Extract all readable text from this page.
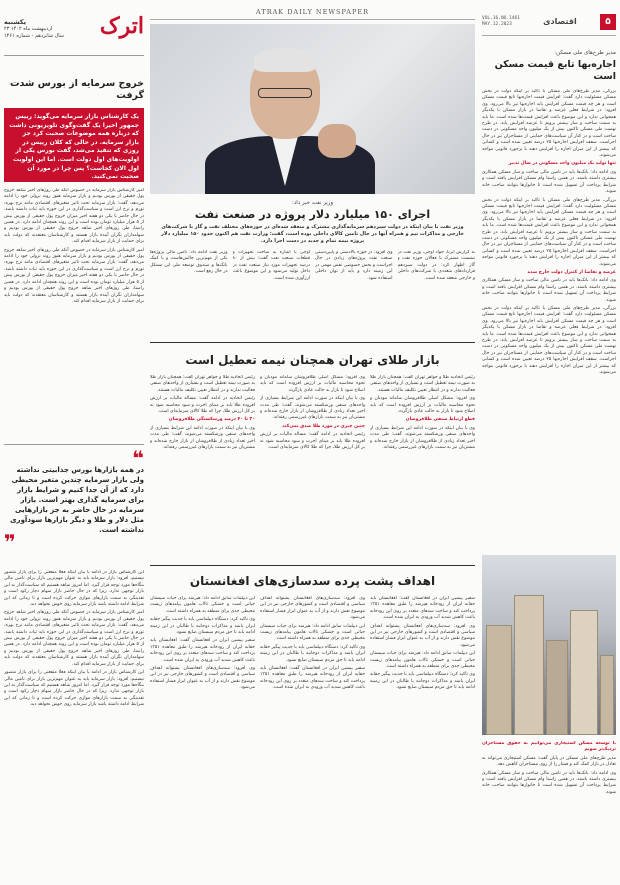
یکشنبه
۲۳ اردیبهشت ماه ۱۴۰۲
سال شانزدهم - شماره ۱۴۶۱ اترک
خروج سرمایه از بورس شدت گرفت
یک کارشناس بازار سرمایه می‌گوید: رییس جمهور اخیرا یک گفت‌وگوی تلویزیونی داشت که درباره همه موضوعات صحبت کرد جز بازار سرمایه. در حالی که کلان رییس در روزی که تنفیذ می‌شد، گفت بورس یکی از اولویت‌های اول دولت است. اما این اولویت اول الان کجاست؟ پس چرا در مورد آن صحبت نمی‌کنید.

امیر کارشناس بازار سرمایه در خصوص آنکه طی روزهای اخیر شاهد خروج پول حقیقی از بورس بودیم و بازار سرمایه هنوز روند نزولی خود را ادامه می‌دهد، گفت: بازار سرمایه تحت تاثیر متغیرهای اقتصادی مانند نرخ بهره، تورم و نرخ ارز است و سیاست‌گذاری در این حوزه باید ثبات داشته باشد. در حال حاضر با یکی دو هفته اخیر میزان خروج پول حقیقی از بورس بیش از ۵ هزار میلیارد تومان بوده است و این روند همچنان ادامه دارد. در همین راستا، طی روزهای اخیر شاهد خروج پول حقیقی از بورس بودیم و سهامداران نگران آینده بازار هستند و کارشناسان معتقدند که دولت باید برای حمایت از بازار سرمایه اقدام کند.

امیر کارشناس بازار سرمایه در خصوص آنکه طی روزهای اخیر شاهد خروج پول حقیقی از بورس بودیم و بازار سرمایه هنوز روند نزولی خود را ادامه می‌دهد، گفت: بازار سرمایه تحت تاثیر متغیرهای اقتصادی مانند نرخ بهره، تورم و نرخ ارز است و سیاست‌گذاری در این حوزه باید ثبات داشته باشد. در حال حاضر با یکی دو هفته اخیر میزان خروج پول حقیقی از بورس بیش از ۵ هزار میلیارد تومان بوده است و این روند همچنان ادامه دارد. در همین راستا، طی روزهای اخیر شاهد خروج پول حقیقی از بورس بودیم و سهامداران نگران آینده بازار هستند و کارشناسان معتقدند که دولت باید برای حمایت از بازار سرمایه اقدام کند.

❝
در همه بازارها بورس جذابیتی نداشته ولی بازار سرمایه چندین متغیر محیطی دارد که از آن جدا کنیم و شرایط بازار برای سرمایه گذاری بهتر است. بازار سرمایه در حال حاضر به جز بازارهایی مثل دلار و طلا و دیگر بازارها سودآوری نداشته است.
❞

این کارشناس بازار در ادامه با بیان اینکه فعلا منفعتی را برای بازار متصور نیستیم، افزود: بازار سرمایه باید به عنوان مهم‌ترین بازار برای تامین مالی بنگاه‌ها مورد توجه قرار گیرد. اما امروز شاهد هستیم که سیاست‌گذار به این بازار توجهی ندارد. زیرا که در حال حاضر بازار سهام دچار رکود است و نقدینگی به سمت بازارهای موازی حرکت کرده است و تا زمانی که این شرایط ادامه داشته باشد بازار سرمایه روی خوش نخواهد دید.

امیر کارشناس بازار سرمایه در خصوص آنکه طی روزهای اخیر شاهد خروج پول حقیقی از بورس بودیم و بازار سرمایه هنوز روند نزولی خود را ادامه می‌دهد، گفت: بازار سرمایه تحت تاثیر متغیرهای اقتصادی مانند نرخ بهره، تورم و نرخ ارز است و سیاست‌گذاری در این حوزه باید ثبات داشته باشد. در حال حاضر با یکی دو هفته اخیر میزان خروج پول حقیقی از بورس بیش از ۵ هزار میلیارد تومان بوده است و این روند همچنان ادامه دارد. در همین راستا، طی روزهای اخیر شاهد خروج پول حقیقی از بورس بودیم و سهامداران نگران آینده بازار هستند و کارشناسان معتقدند که دولت باید برای حمایت از بازار سرمایه اقدام کند.

این کارشناس بازار در ادامه با بیان اینکه فعلا منفعتی را برای بازار متصور نیستیم، افزود: بازار سرمایه باید به عنوان مهم‌ترین بازار برای تامین مالی بنگاه‌ها مورد توجه قرار گیرد. اما امروز شاهد هستیم که سیاست‌گذار به این بازار توجهی ندارد. زیرا که در حال حاضر بازار سهام دچار رکود است و نقدینگی به سمت بازارهای موازی حرکت کرده است و تا زمانی که این شرایط ادامه داشته باشد بازار سرمایه روی خوش نخواهد دید.

ATRAK DAILY NEWSPAPER
وزیر نفت خبر داد:
اجرای ۱۵۰ میلیارد دلار پروژه در صنعت نفت
وزیر نفت با بیان اینکه در دولت سیزدهم سرمایه‌گذاری مشترک و منعقد شده‌ای در حوزه‌های مختلف نفت و گاز با شرکت‌های خارجی و مذاکرات تیم و همراه آنها در حال تامین کالای داخلی بوده است، گفت: وزارت نفت هم اکنون حدود ۱۵۰ میلیارد دلار پروژه نیمه تمام و جدید در دست اجرا دارد.
به گزارش ایرنا، جواد اوجی، وزیر نفت در نشست مشترک با فعالان حوزه نفت و گاز اظهار کرد: در دولت سیزدهم قراردادهای متعددی با شرکت‌های داخلی و خارجی منعقد شده است.
وی افزود: در حوزه بالادستی و پایین‌دستی صنعت نفت پروژه‌های زیادی در حال اجراست و بخش خصوصی نقش مهمی در این زمینه دارد و باید از توان داخلی استفاده شود.
اوجی با اشاره به ساخت تجهیزات و قطعات صنعت نفت گفت: بیش از ۸۰ درصد تجهیزات مورد نیاز صنعت نفت در داخل تولید می‌شود و این موضوع باعث ارزآوری شده است.
وزیر نفت ادامه داد: تامین مالی پروژه‌ها یکی از مهم‌ترین چالش‌هاست و با کمک بانک‌ها و صندوق توسعه ملی این مشکل در حال رفع است.
بازار طلای تهران همچنان نیمه تعطیل است

رئیس اتحادیه طلا و جواهر تهران گفت: همچنان بازار طلا به صورت نیمه تعطیل است و بسیاری از واحدهای صنفی فعالیت ندارند و در انتظار تعیین تکلیف مالیات هستند.

وی افزود: مشکل اصلی طلافروشان سامانه مودیان و نحوه محاسبه مالیات بر ارزش افزوده است که باید اصلاح شود تا بازار به حالت عادی بازگردد.

قطع ارتباط صنفی طلافروشان

وی با بیان اینکه در صورت ادامه این شرایط بسیاری از واحدهای صنفی ورشکسته می‌شوند، گفت: طی مدت اخیر تعداد زیادی از طلافروشان از بازار خارج شده‌اند و مشتریان نیز به سمت بازارهای غیررسمی رفته‌اند.

وی افزود: مشکل اصلی طلافروشان سامانه مودیان و نحوه محاسبه مالیات بر ارزش افزوده است که باید اصلاح شود تا بازار به حالت عادی بازگردد.

وی با بیان اینکه در صورت ادامه این شرایط بسیاری از واحدهای صنفی ورشکسته می‌شوند، گفت: طی مدت اخیر تعداد زیادی از طلافروشان از بازار خارج شده‌اند و مشتریان نیز به سمت بازارهای غیررسمی رفته‌اند.

چنین چیزی در مورد طلا صدق نمی‌کند

رئیس اتحادیه در ادامه گفت: مساله مالیات بر ارزش افزوده طلا باید بر مبنای اجرت و سود محاسبه شود نه بر کل ارزش طلا، چرا که طلا کالای سرمایه‌ای است.

رئیس اتحادیه طلا و جواهر تهران گفت: همچنان بازار طلا به صورت نیمه تعطیل است و بسیاری از واحدهای صنفی فعالیت ندارند و در انتظار تعیین تکلیف مالیات هستند.

رئیس اتحادیه در ادامه گفت: مساله مالیات بر ارزش افزوده طلا باید بر مبنای اجرت و سود محاسبه شود نه بر کل ارزش طلا، چرا که طلا کالای سرمایه‌ای است.

۳۰ تا ۴۰ درصد ورشکستگی طلافروشان

وی با بیان اینکه در صورت ادامه این شرایط بسیاری از واحدهای صنفی ورشکسته می‌شوند، گفت: طی مدت اخیر تعداد زیادی از طلافروشان از بازار خارج شده‌اند و مشتریان نیز به سمت بازارهای غیررسمی رفته‌اند.

اهداف پشت پرده سدسازی‌های افغانستان

سفیر پیشین ایران در افغانستان گفت: افغانستان باید حقابه ایران از رودخانه هیرمند را طبق معاهده ۱۳۵۱ پرداخت کند و ساخت سدهای متعدد بر روی این رودخانه باعث کاهش شدید آب ورودی به ایران شده است.

وی افزود: سدسازی‌های افغانستان پشتوانه اهداف سیاسی و اقتصادی است و کشورهای خارجی نیز در این موضوع نقش دارند و از آب به عنوان ابزار فشار استفاده می‌شود.

این دیپلمات سابق ادامه داد: هیرمند برای حیات سیستان حیاتی است و خشکی تالاب هامون پیامدهای زیست محیطی جدی برای منطقه به همراه داشته است.

وی تاکید کرد: دستگاه دیپلماسی باید با جدیت پیگیر حقابه ایران باشد و مذاکرات دوجانبه با طالبان در این زمینه ادامه یابد تا حق مردم سیستان ضایع نشود.

وی افزود: سدسازی‌های افغانستان پشتوانه اهداف سیاسی و اقتصادی است و کشورهای خارجی نیز در این موضوع نقش دارند و از آب به عنوان ابزار فشار استفاده می‌شود.

این دیپلمات سابق ادامه داد: هیرمند برای حیات سیستان حیاتی است و خشکی تالاب هامون پیامدهای زیست محیطی جدی برای منطقه به همراه داشته است.

وی تاکید کرد: دستگاه دیپلماسی باید با جدیت پیگیر حقابه ایران باشد و مذاکرات دوجانبه با طالبان در این زمینه ادامه یابد تا حق مردم سیستان ضایع نشود.

سفیر پیشین ایران در افغانستان گفت: افغانستان باید حقابه ایران از رودخانه هیرمند را طبق معاهده ۱۳۵۱ پرداخت کند و ساخت سدهای متعدد بر روی این رودخانه باعث کاهش شدید آب ورودی به ایران شده است.

این دیپلمات سابق ادامه داد: هیرمند برای حیات سیستان حیاتی است و خشکی تالاب هامون پیامدهای زیست محیطی جدی برای منطقه به همراه داشته است.

وی تاکید کرد: دستگاه دیپلماسی باید با جدیت پیگیر حقابه ایران باشد و مذاکرات دوجانبه با طالبان در این زمینه ادامه یابد تا حق مردم سیستان ضایع نشود.

سفیر پیشین ایران در افغانستان گفت: افغانستان باید حقابه ایران از رودخانه هیرمند را طبق معاهده ۱۳۵۱ پرداخت کند و ساخت سدهای متعدد بر روی این رودخانه باعث کاهش شدید آب ورودی به ایران شده است.

وی افزود: سدسازی‌های افغانستان پشتوانه اهداف سیاسی و اقتصادی است و کشورهای خارجی نیز در این موضوع نقش دارند و از آب به عنوان ابزار فشار استفاده می‌شود.

VOL.16,NO.1461
MAY.12.2023	اقتصادی	۵
مدیر طرح‌های ملی مسکن:
اجاره‌بها تابع قیمت مسکن است

بزرگی، مدیر طرح‌های ملی مسکن با تاکید بر اینکه دولت در بخش مسکن مسئولیت دارد گفت: افزایش قیمت اجاره‌بها تابع قیمت مسکن است و هر چه قیمت مسکن افزایش یابد اجاره‌بها نیز بالا می‌رود. وی افزود: در شرایط فعلی عرضه و تقاضا در بازار مسکن با یکدیگر همخوانی ندارد و این موضوع باعث افزایش قیمت‌ها شده است. ما باید به سمت ساخت و ساز بیشتر برویم تا عرضه افزایش یابد. در طرح نهضت ملی مسکن تاکنون بیش از یک میلیون واحد مسکونی در دست ساخت است و در کنار آن سیاست‌های حمایتی از مستاجران نیز در حال اجراست. سقف افزایش اجاره‌بها ۲۵ درصد تعیین شده است و کسانی که بیشتر از این میزان اجاره را افزایش دهند با برخورد قانونی مواجه می‌شوند.

تنها تولید یک میلیون واحد مسکونی در سال تدبیر

وی ادامه داد: بانک‌ها باید در تامین مالی ساخت و ساز مسکن همکاری بیشتری داشته باشند. در همین راستا وام مسکن افزایش یافته است و شرایط پرداخت آن تسهیل شده است تا خانوارها بتوانند صاحب خانه شوند.

بزرگی، مدیر طرح‌های ملی مسکن با تاکید بر اینکه دولت در بخش مسکن مسئولیت دارد گفت: افزایش قیمت اجاره‌بها تابع قیمت مسکن است و هر چه قیمت مسکن افزایش یابد اجاره‌بها نیز بالا می‌رود. وی افزود: در شرایط فعلی عرضه و تقاضا در بازار مسکن با یکدیگر همخوانی ندارد و این موضوع باعث افزایش قیمت‌ها شده است. ما باید به سمت ساخت و ساز بیشتر برویم تا عرضه افزایش یابد. در طرح نهضت ملی مسکن تاکنون بیش از یک میلیون واحد مسکونی در دست ساخت است و در کنار آن سیاست‌های حمایتی از مستاجران نیز در حال اجراست. سقف افزایش اجاره‌بها ۲۵ درصد تعیین شده است و کسانی که بیشتر از این میزان اجاره را افزایش دهند با برخورد قانونی مواجه می‌شوند.

عرضه و تقاضا از کنترل دولت خارج شده

وی ادامه داد: بانک‌ها باید در تامین مالی ساخت و ساز مسکن همکاری بیشتری داشته باشند. در همین راستا وام مسکن افزایش یافته است و شرایط پرداخت آن تسهیل شده است تا خانوارها بتوانند صاحب خانه شوند.

بزرگی، مدیر طرح‌های ملی مسکن با تاکید بر اینکه دولت در بخش مسکن مسئولیت دارد گفت: افزایش قیمت اجاره‌بها تابع قیمت مسکن است و هر چه قیمت مسکن افزایش یابد اجاره‌بها نیز بالا می‌رود. وی افزود: در شرایط فعلی عرضه و تقاضا در بازار مسکن با یکدیگر همخوانی ندارد و این موضوع باعث افزایش قیمت‌ها شده است. ما باید به سمت ساخت و ساز بیشتر برویم تا عرضه افزایش یابد. در طرح نهضت ملی مسکن تاکنون بیش از یک میلیون واحد مسکونی در دست ساخت است و در کنار آن سیاست‌های حمایتی از مستاجران نیز در حال اجراست. سقف افزایش اجاره‌بها ۲۵ درصد تعیین شده است و کسانی که بیشتر از این میزان اجاره را افزایش دهند با برخورد قانونی مواجه می‌شوند.

با توسعه مسکن استیجاری می‌توانیم به حقوق مستاجران نزدیک‌تر شویم

مدیر طرح‌های ملی مسکن در پایان گفت: مسکن استیجاری می‌تواند به تعادل در بازار کمک کند و فشار را از روی مستاجران کاهش دهد.

وی ادامه داد: بانک‌ها باید در تامین مالی ساخت و ساز مسکن همکاری بیشتری داشته باشند. در همین راستا وام مسکن افزایش یافته است و شرایط پرداخت آن تسهیل شده است تا خانوارها بتوانند صاحب خانه شوند.
